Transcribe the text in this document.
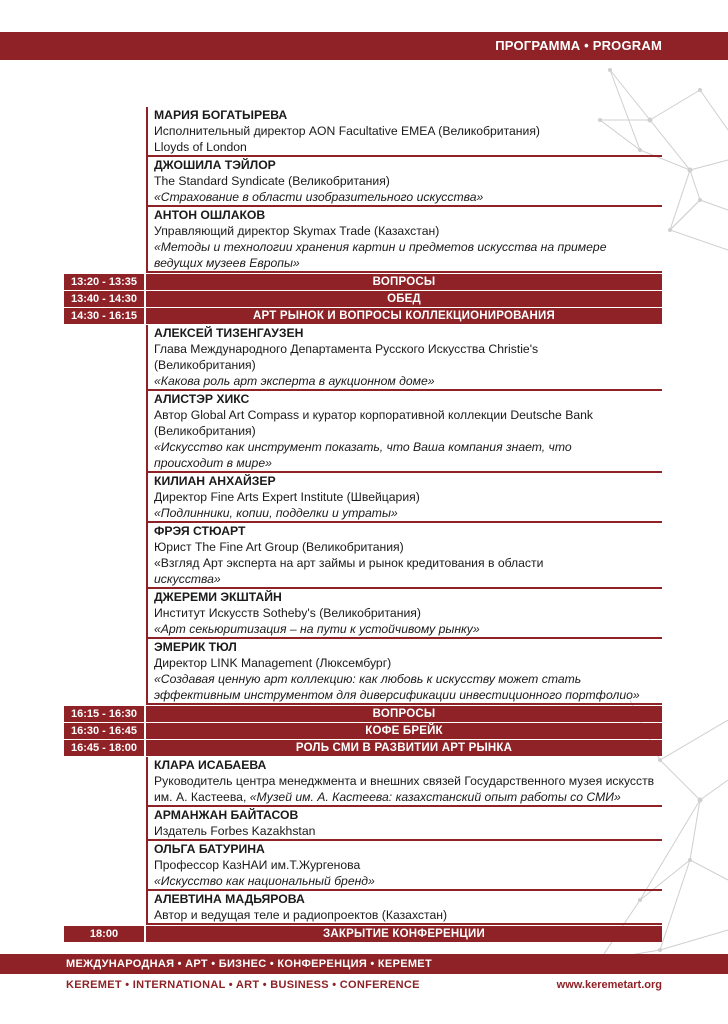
ПРОГРАММА • PROGRAM
МАРИЯ БОГАТЫРЕВА
Исполнительный директор AON Facultative EMEA (Великобритания)
Lloyds of London
ДЖОШИЛА ТЭЙЛОР
The Standard Syndicate (Великобритания)
«Страхование в области изобразительного искусства»
АНТОН ОШЛАКОВ
Управляющий директор Skymax Trade (Казахстан)
«Методы и технологии хранения картин и предметов искусства на примере
ведущих музеев Европы»
13:20 - 13:35	ВОПРОСЫ
13:40 - 14:30	ОБЕД
14:30 - 16:15	АРТ РЫНОК И ВОПРОСЫ КОЛЛЕКЦИОНИРОВАНИЯ
АЛЕКСЕЙ ТИЗЕНГАУЗЕН
Глава Международного Департамента Русского Искусства Christie's
(Великобритания)
«Какова роль арт эксперта в аукционном доме»
АЛИСТЭР ХИКС
Автор Global Art Compass и куратор корпоративной коллекции Deutsche Bank
(Великобритания)
«Искусство как инструмент показать, что Ваша компания знает, что
происходит в мире»
КИЛИАН АНХАЙЗЕР
Директор Fine Arts Expert Institute (Швейцария)
«Подлинники, копии, подделки и утраты»
ФРЭЯ СТЮАРТ
Юрист The Fine Art Group (Великобритания)
«Взгляд Арт эксперта на арт займы и рынок кредитования в области
искусства»
ДЖЕРЕМИ ЭКШТАЙН
Институт Искусств Sotheby's (Великобритания)
«Арт секьюритизация – на пути к устойчивому рынку»
ЭМЕРИК ТЮЛ
Директор LINK Management (Люксембург)
«Создавая ценную арт коллекцию: как любовь к искусству может стать
эффективным инструментом для диверсификации инвестиционного портфолио»
16:15 - 16:30	ВОПРОСЫ
16:30 - 16:45	КОФЕ БРЕЙК
16:45 - 18:00	РОЛЬ СМИ В РАЗВИТИИ АРТ РЫНКА
КЛАРА ИСАБАЕВА
Руководитель центра менеджмента и внешних связей Государственного музея искусств
им. А. Кастеева, «Музей им. А. Кастеева: казахстанский опыт работы со СМИ»
АРМАНЖАН БАЙТАСОВ
Издатель Forbes Kazakhstan
ОЛЬГА БАТУРИНА
Профессор КазНАИ им.Т.Жургенова
«Искусство как национальный бренд»
АЛЕВТИНА МАДЬЯРОВА
Автор и ведущая теле и радиопроектов (Казахстан)
18:00	ЗАКРЫТИЕ КОНФЕРЕНЦИИ
МЕЖДУНАРОДНАЯ • АРТ • БИЗНЕС • КОНФЕРЕНЦИЯ • КЕРЕМЕТ
KEREMET • INTERNATIONAL • ART • BUSINESS • CONFERENCE	www.keremetart.org
